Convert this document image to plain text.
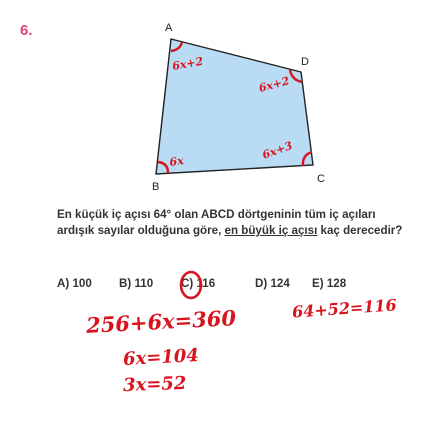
6.
6x+2
6x+2
6x	6x+3
A
D
B
C
En küçük iç açısı 64° olan ABCD dörtgeninin tüm iç açıları ardışık sayılar olduğuna göre, en büyük iç açısı kaç derecedir?
A) 100 B) 110 C) 116	D) 124 E) 128
256+6x=360
6x=104
3x=52
64+52=116
